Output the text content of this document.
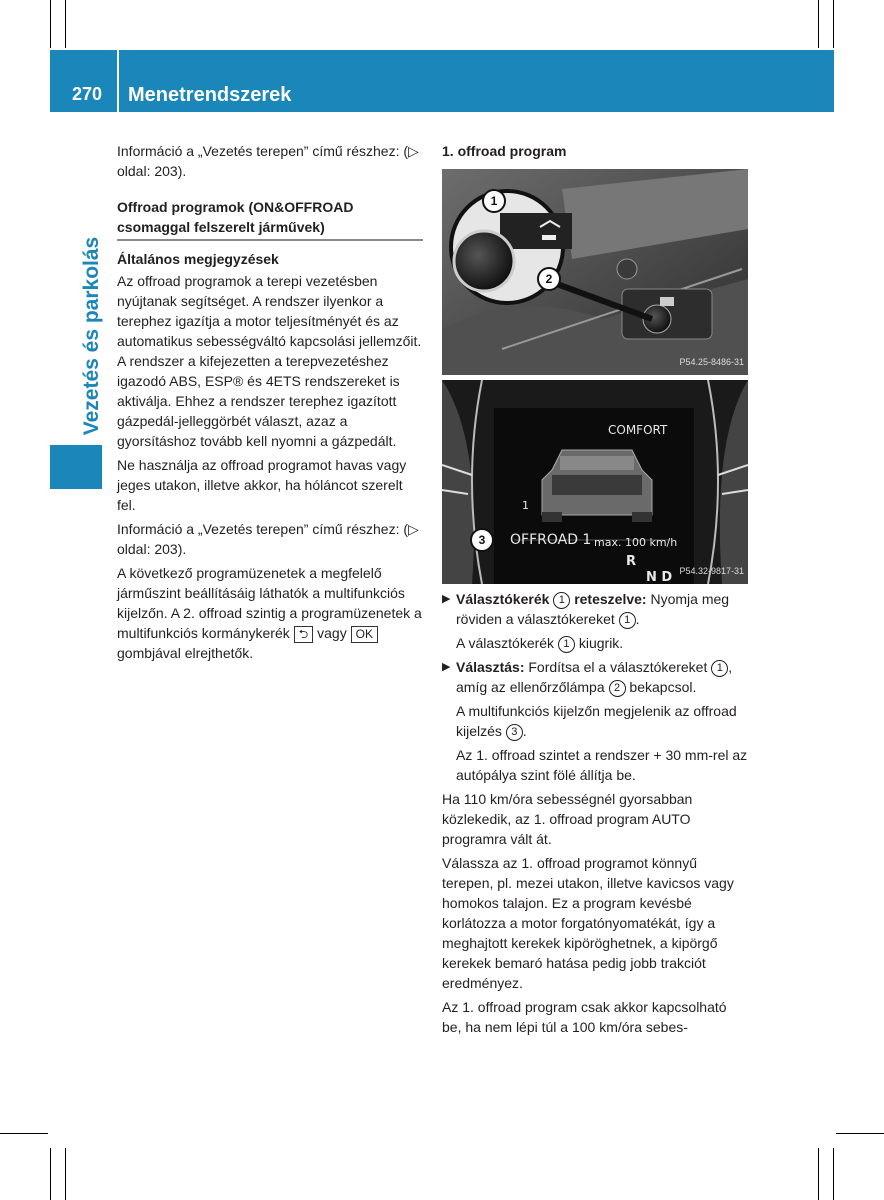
270 Menetrendszerek
Vezetés és parkolás

Információ a „Vezetés terepen” című részhez: (▷ oldal: 203).

Offroad programok (ON&OFFROAD csomaggal felszerelt járművek)
Általános megjegyzések

Az offroad programok a terepi vezetésben nyújtanak segítséget. A rendszer ilyenkor a terephez igazítja a motor teljesítményét és az automatikus sebességváltó kapcsolási jellemzőit. A rendszer a kifejezetten a terepvezetéshez igazodó ABS, ESP® és 4ETS rendszereket is aktiválja. Ehhez a rendszer terephez igazított gázpedál-jelleggörbét választ, azaz a gyorsításhoz tovább kell nyomni a gázpedált.

Ne használja az offroad programot havas vagy jeges utakon, illetve akkor, ha hóláncot szerelt fel.

Információ a „Vezetés terepen” című részhez: (▷ oldal: 203).

A következő programüzenetek a megfelelő járműszint beállításáig láthatók a multifunkciós kijelzőn. A 2. offroad szintig a programüzenetek a multifunkciós kormánykerék ⮌ vagy OK gombjával elrejthetők.

1. offroad program
1
2
P54.25-8486-31
COMFORT
1
OFFROAD 1 max. 100 km/h
R
N D
3
P54.32-9817-31

▶ Választókerék 1 reteszelve: Nyomja meg röviden a választókereket 1 .

A választókerék 1 kiugrik.

▶ Választás: Fordítsa el a választókereket 1 , amíg az ellenőrzőlámpa 2 bekapcsol.

A multifunkciós kijelzőn megjelenik az offroad kijelzés 3 .

Az 1. offroad szintet a rendszer + 30 mm-rel az autópálya szint fölé állítja be.

Ha 110 km/óra sebességnél gyorsabban közlekedik, az 1. offroad program AUTO programra vált át.

Válassza az 1. offroad programot könnyű terepen, pl. mezei utakon, illetve kavicsos vagy homokos talajon. Ez a program kevésbé korlátozza a motor forgatónyomatékát, így a meghajtott kerekek kipöröghetnek, a kipörgő kerekek bemaró hatása pedig jobb trakciót eredményez.

Az 1. offroad program csak akkor kapcsolható be, ha nem lépi túl a 100 km/óra sebes-
